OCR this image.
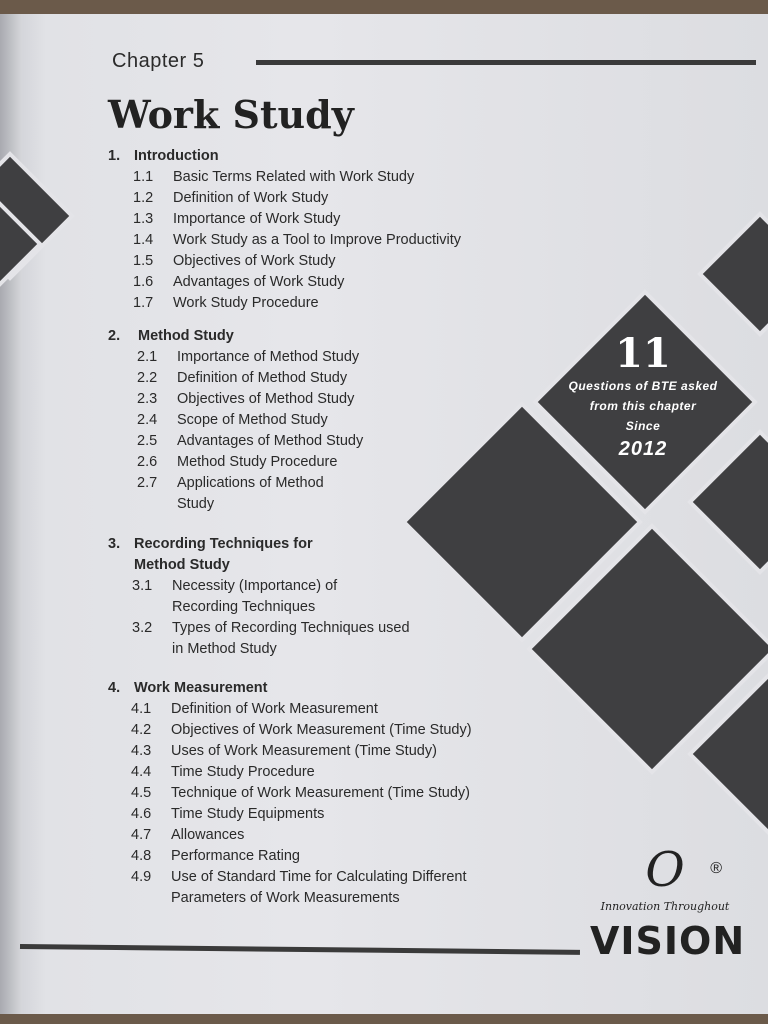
Chapter 5
Work Study
1. Introduction
1.1	Basic Terms Related with Work Study
1.2	Definition of Work Study
1.3	Importance of Work Study
1.4	Work Study as a Tool to Improve Productivity
1.5	Objectives of Work Study
1.6	Advantages of Work Study
1.7	Work Study Procedure
2.	Method Study
2.1	Importance of Method Study
2.2	Definition of Method Study
2.3	Objectives of Method Study
2.4	Scope of Method Study
2.5	Advantages of Method Study
2.6	Method Study Procedure
2.7	Applications of Method Study
3. Recording Techniques for Method Study
3.1	Necessity (Importance) of Recording Techniques
3.2	Types of Recording Techniques used in Method Study
4. Work Measurement
4.1	Definition of Work Measurement
4.2	Objectives of Work Measurement (Time Study)
4.3	Uses of Work Measurement (Time Study)
4.4	Time Study Procedure
4.5	Technique of Work Measurement (Time Study)
4.6	Time Study Equipments
4.7	Allowances
4.8	Performance Rating
4.9	Use of Standard Time for Calculating Different Parameters of Work Measurements
11
Questions of BTE asked
from this chapter
Since
2012
O ®
Innovation Throughout
VISION
